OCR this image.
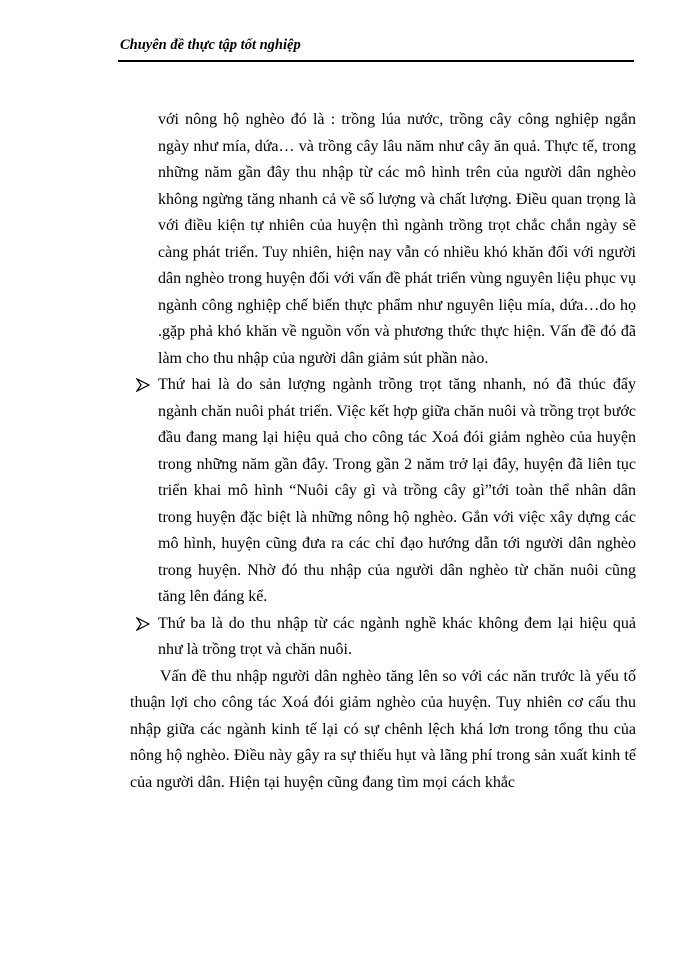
Chuyên đề thực tập tốt nghiệp

với nông hộ nghèo đó là : trồng lúa nước, trồng cây công nghiệp ngắn ngày như mía, dứa… và trồng cây lâu năm như cây ăn quả. Thực tế, trong những năm gần đây thu nhập từ các mô hình trên của người dân nghèo không ngừng tăng nhanh cả về số lượng và chất lượng. Điều quan trọng là với điều kiện tự nhiên của huyện thì ngành trồng trọt chắc chắn ngày sẽ càng phát triển. Tuy nhiên, hiện nay vẫn có nhiều khó khăn đối với người dân nghèo trong huyện đối với vấn đề phát triển vùng nguyên liệu phục vụ ngành công nghiệp chế biến thực phẩm như nguyên liệu mía, dứa…do họ .gặp phả khó khăn về nguồn vốn và phương thức thực hiện. Vấn đề đó đã làm cho thu nhập của người dân giảm sút phần nào.

Thứ hai là do sản lượng ngành trồng trọt tăng nhanh, nó đã thúc đẩy ngành chăn nuôi phát triển. Việc kết hợp giữa chăn nuôi và trồng trọt bước đầu đang mang lại hiệu quả cho công tác Xoá đói giảm nghèo của huyện trong những năm gần đây. Trong gần 2 năm trở lại đây, huyện đã liên tục triển khai mô hình “Nuôi cây gì và trồng cây gì”tới toàn thể nhân dân trong huyện đặc biệt là những nông hộ nghèo. Gắn với việc xây dựng các mô hình, huyện cũng đưa ra các chỉ đạo hướng dẫn tới người dân nghèo trong huyện. Nhờ đó thu nhập của người dân nghèo từ chăn nuôi cũng tăng lên đáng kể.
Thứ ba là do thu nhập từ các ngành nghề khác không đem lại hiệu quả như là trồng trọt và chăn nuôi.

Vấn đề thu nhập người dân nghèo tăng lên so với các năn trước là yếu tố thuận lợi cho công tác Xoá đói giảm nghèo của huyện. Tuy nhiên cơ cấu thu nhập giữa các ngành kinh tế lại có sự chênh lệch khá lơn trong tổng thu của nông hộ nghèo. Điều này gây ra sự thiếu hụt và lãng phí trong sản xuất kinh tế của người dân. Hiện tại huyện cũng đang tìm mọi cách khắc
